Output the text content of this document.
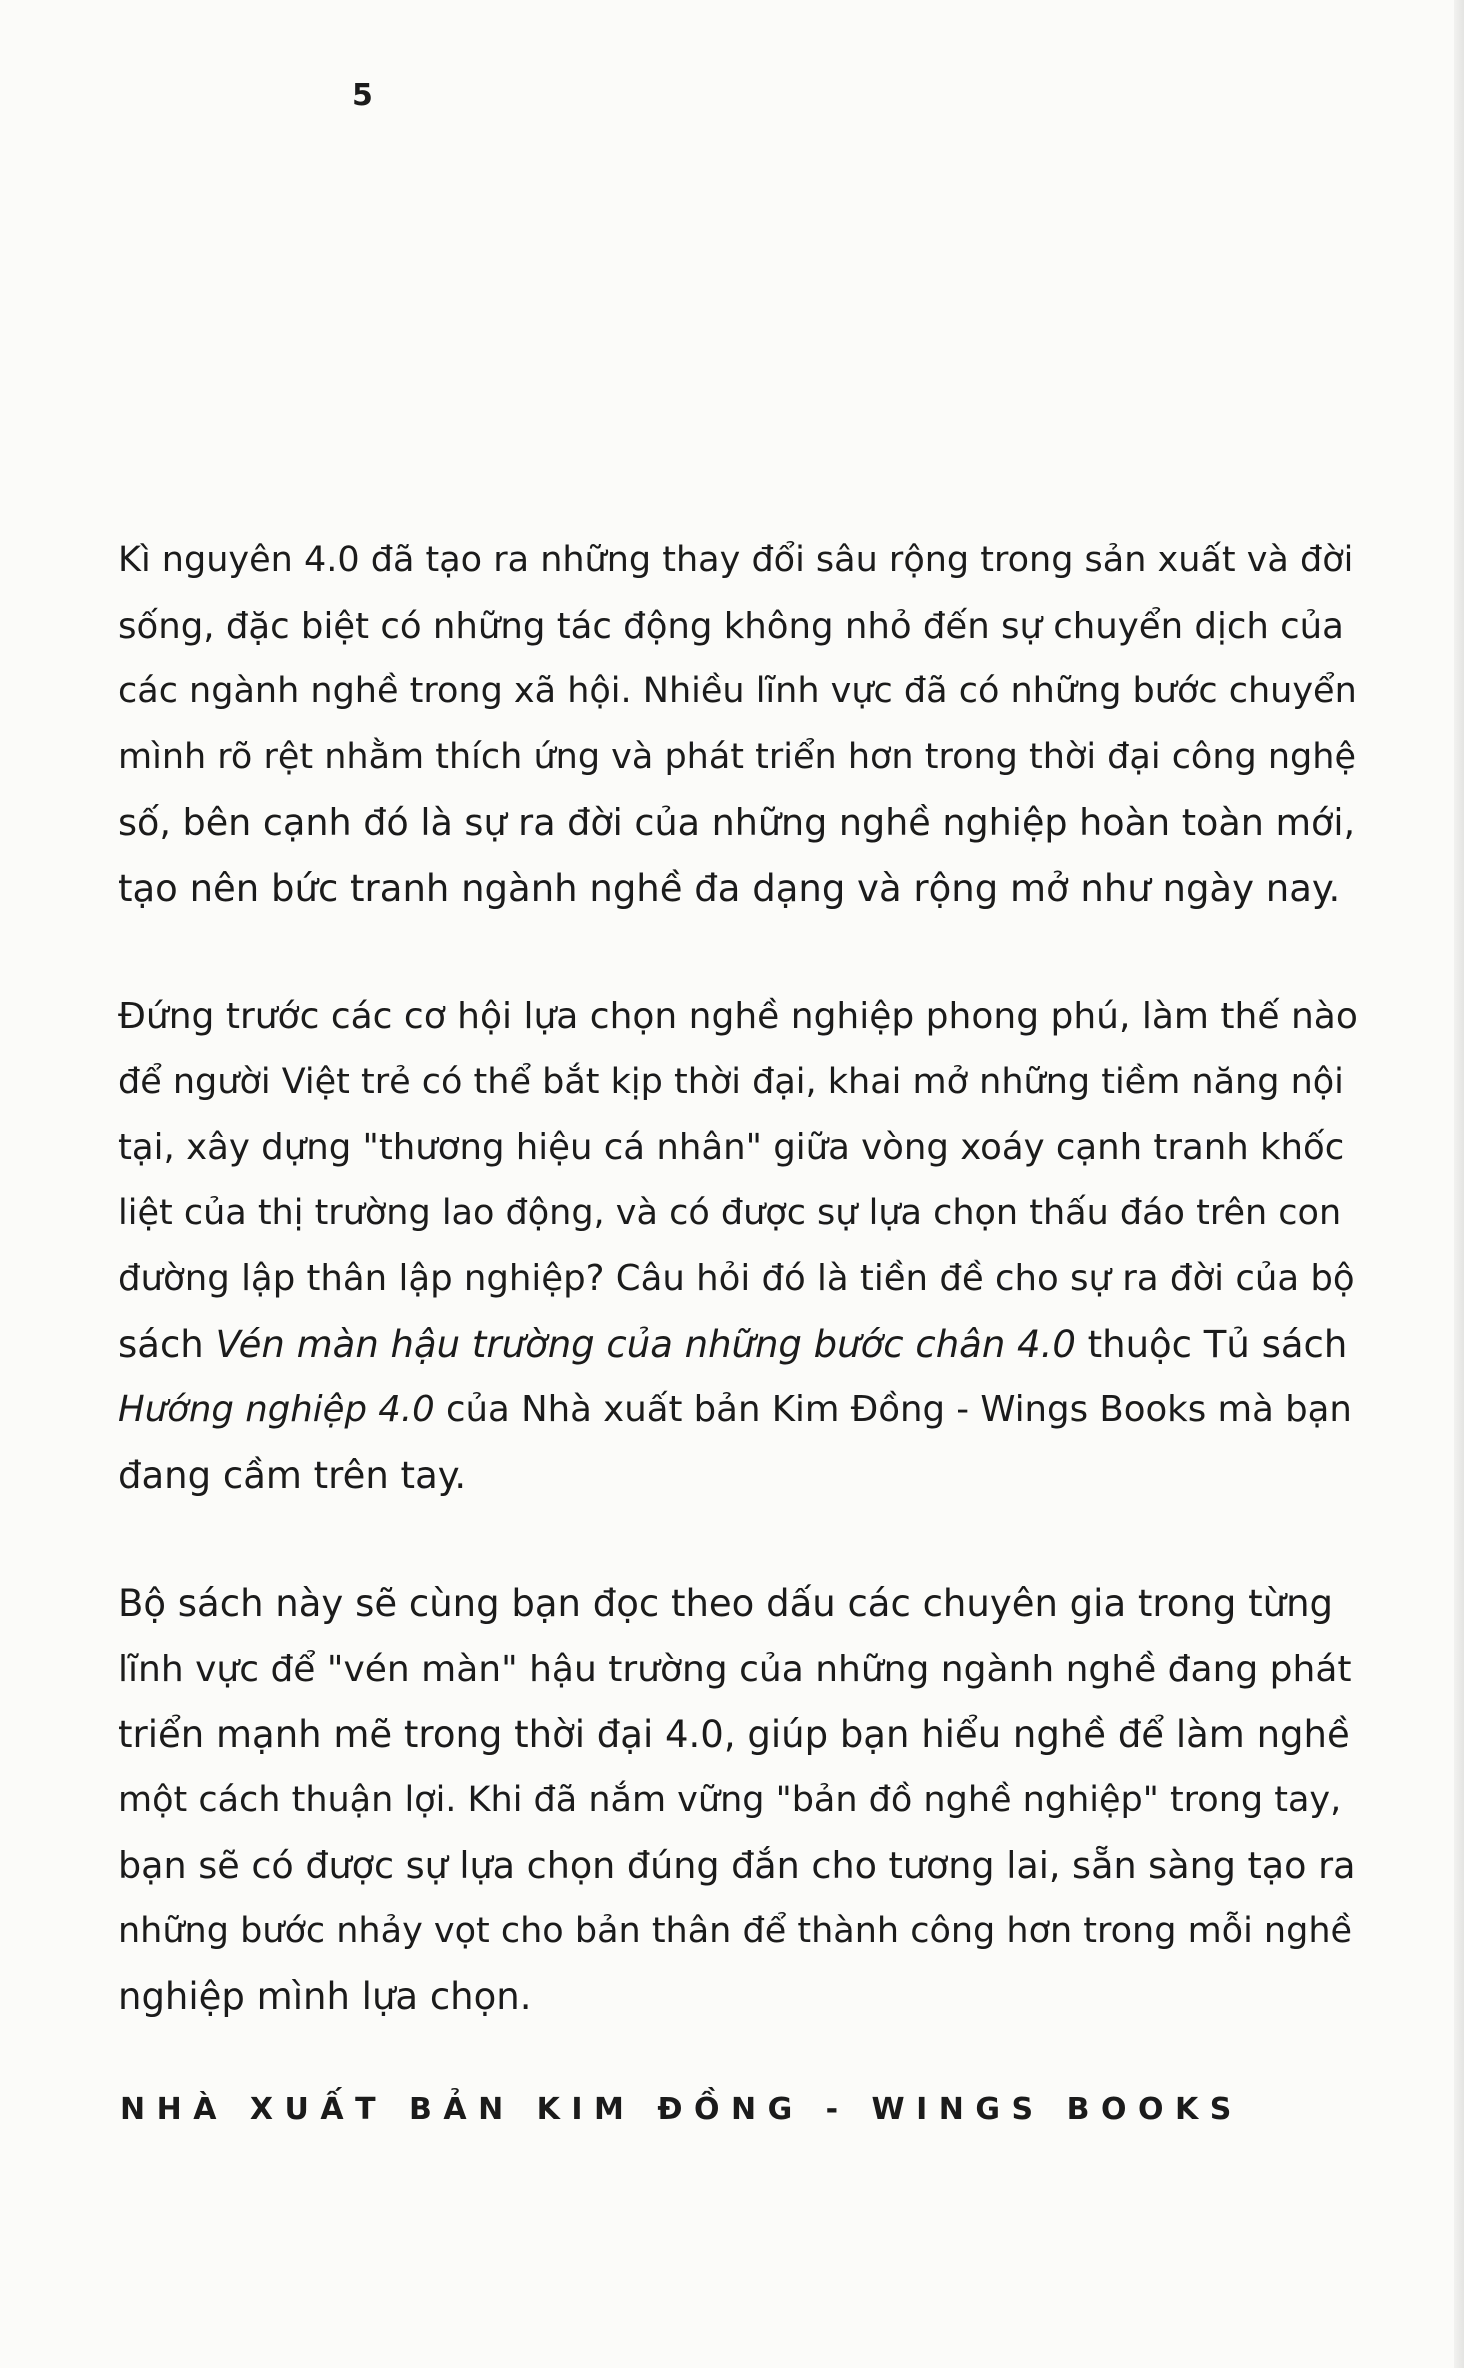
5
Kì nguyên 4.0 đã tạo ra những thay đổi sâu rộng trong sản xuất và đời
sống, đặc biệt có những tác động không nhỏ đến sự chuyển dịch của
các ngành nghề trong xã hội. Nhiều lĩnh vực đã có những bước chuyển
mình rõ rệt nhằm thích ứng và phát triển hơn trong thời đại công nghệ
số, bên cạnh đó là sự ra đời của những nghề nghiệp hoàn toàn mới,
tạo nên bức tranh ngành nghề đa dạng và rộng mở như ngày nay.
Đứng trước các cơ hội lựa chọn nghề nghiệp phong phú, làm thế nào
để người Việt trẻ có thể bắt kịp thời đại, khai mở những tiềm năng nội
tại, xây dựng "thương hiệu cá nhân" giữa vòng xoáy cạnh tranh khốc
liệt của thị trường lao động, và có được sự lựa chọn thấu đáo trên con
đường lập thân lập nghiệp? Câu hỏi đó là tiền đề cho sự ra đời của bộ
sách Vén màn hậu trường của những bước chân 4.0 thuộc Tủ sách
Hướng nghiệp 4.0 của Nhà xuất bản Kim Đồng - Wings Books mà bạn
đang cầm trên tay.
Bộ sách này sẽ cùng bạn đọc theo dấu các chuyên gia trong từng
lĩnh vực để "vén màn" hậu trường của những ngành nghề đang phát
triển mạnh mẽ trong thời đại 4.0, giúp bạn hiểu nghề để làm nghề
một cách thuận lợi. Khi đã nắm vững "bản đồ nghề nghiệp" trong tay,
bạn sẽ có được sự lựa chọn đúng đắn cho tương lai, sẵn sàng tạo ra
những bước nhảy vọt cho bản thân để thành công hơn trong mỗi nghề
nghiệp mình lựa chọn.
NHÀ XUẤT BẢN KIM ĐỒNG - WINGS BOOKS
